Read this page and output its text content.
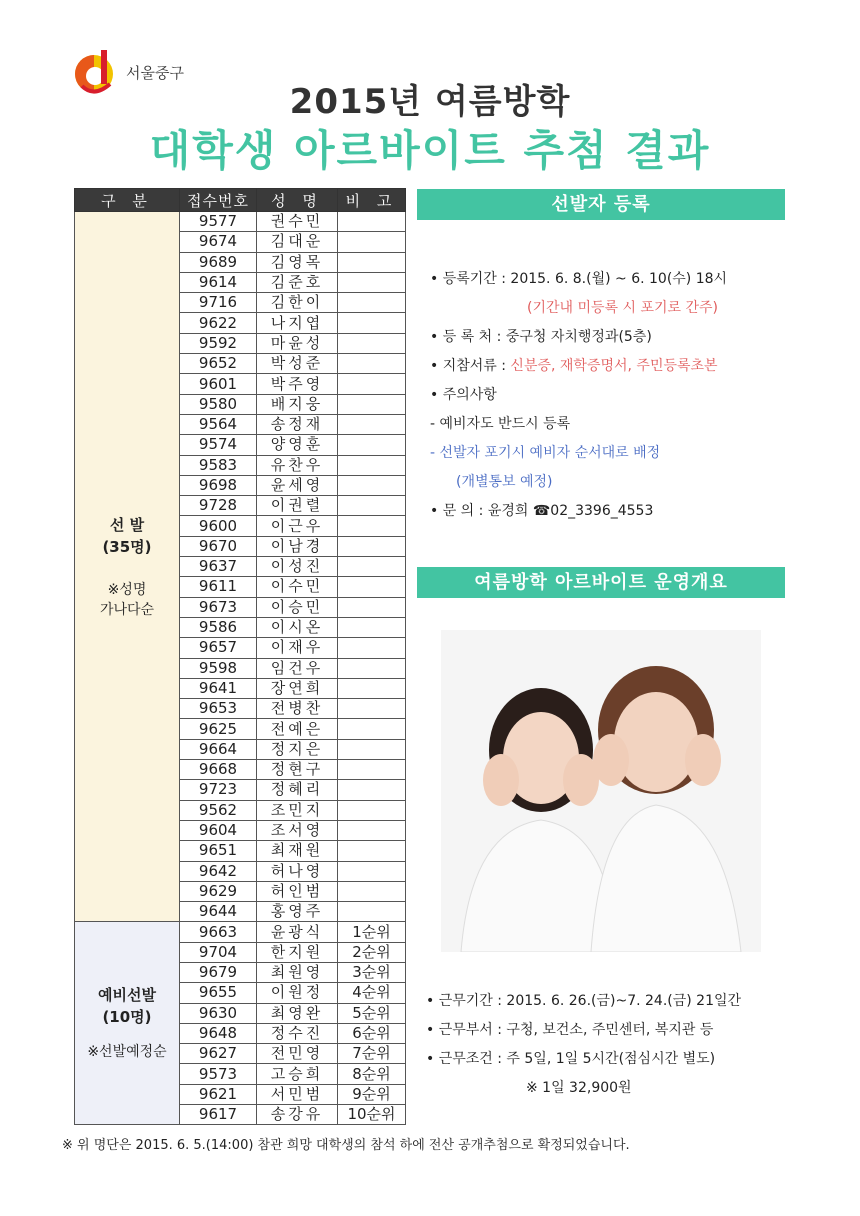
서울중구
2015년 여름방학
대학생 아르바이트 추첨 결과
구 분	접수번호	성 명	비 고

선 발
(35명)
※성명
가나다순	9577	권수민	
	9674	김대운	
	9689	김영목	
	9614	김준호	
	9716	김한이	
	9622	나지엽	
	9592	마윤성	
	9652	박성준	
	9601	박주영	
	9580	배지웅	
	9564	송정재	
	9574	양영훈	
	9583	유찬우	
	9698	윤세영	
	9728	이권렬	
	9600	이근우	
	9670	이남경	
	9637	이성진	
	9611	이수민	
	9673	이승민	
	9586	이시온	
	9657	이재우	
	9598	임건우	
	9641	장연희	
	9653	전병찬	
	9625	전예은	
	9664	정지은	
	9668	정현구	
	9723	정혜리	
	9562	조민지	
	9604	조서영	
	9651	최재원	
	9642	허나영	
	9629	허인범	
	9644	홍영주	

예비선발
(10명)
※선발예정순	9663	윤광식	1순위
	9704	한지원	2순위
	9679	최원영	3순위
	9655	이원정	4순위
	9630	최영완	5순위
	9648	정수진	6순위
	9627	전민영	7순위
	9573	고승희	8순위
	9621	서민범	9순위
	9617	송강유	10순위
선발자 등록
• 등록기간 : 2015. 6. 8.(월) ~ 6. 10(수) 18시
(기간내 미등록 시 포기로 간주)
• 등 록 처 : 중구청 자치행정과(5층)
• 지참서류 : 신분증, 재학증명서, 주민등록초본
• 주의사항
- 예비자도 반드시 등록
- 선발자 포기시 예비자 순서대로 배정
(개별통보 예정)
• 문 의 : 윤경희 ☎02_3396_4553
여름방학 아르바이트 운영개요
• 근무기간 : 2015. 6. 26.(금)~7. 24.(금) 21일간
• 근무부서 : 구청, 보건소, 주민센터, 복지관 등
• 근무조건 : 주 5일, 1일 5시간(점심시간 별도)
※ 1일 32,900원
※ 위 명단은 2015. 6. 5.(14:00) 참관 희망 대학생의 참석 하에 전산 공개추첨으로 확정되었습니다.
